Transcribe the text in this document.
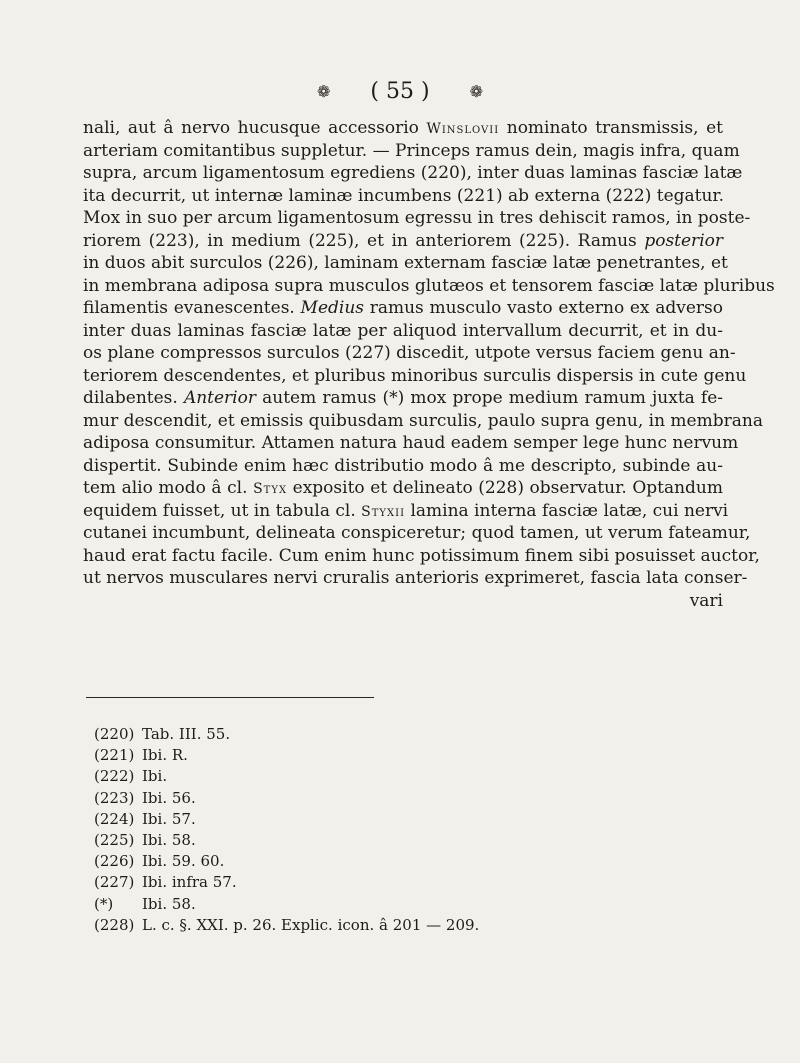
❁ ( 55 )	❁
nali, aut â nervo hucusque accessorio Winslovii nominato transmissis, et
arteriam comitantibus suppletur. — Princeps ramus dein, magis infra, quam
supra, arcum ligamentosum egrediens (220), inter duas laminas fasciæ latæ
ita decurrit, ut internæ laminæ incumbens (221) ab externa (222) tegatur.
Mox in suo per arcum ligamentosum egressu in tres dehiscit ramos, in poste-
riorem (223), in medium (225), et in anteriorem (225). Ramus posterior
in duos abit surculos (226), laminam externam fasciæ latæ penetrantes, et
in membrana adiposa supra musculos glutæos et tensorem fasciæ latæ pluribus
filamentis evanescentes. Medius ramus musculo vasto externo ex adverso
inter duas laminas fasciæ latæ per aliquod intervallum decurrit, et in du-
os plane compressos surculos (227) discedit, utpote versus faciem genu an-
teriorem descendentes, et pluribus minoribus surculis dispersis in cute genu
dilabentes. Anterior autem ramus (*) mox prope medium ramum juxta fe-
mur descendit, et emissis quibusdam surculis, paulo supra genu, in membrana
adiposa consumitur. Attamen natura haud eadem semper lege hunc nervum
dispertit. Subinde enim hæc distributio modo â me descripto, subinde au-
tem alio modo â cl. Styx exposito et delineato (228) observatur. Optandum
equidem fuisset, ut in tabula cl. Styxii lamina interna fasciæ latæ, cui nervi
cutanei incumbunt, delineata conspiceretur; quod tamen, ut verum fateamur,
haud erat factu facile. Cum enim hunc potissimum finem sibi posuisset auctor,
ut nervos musculares nervi cruralis anterioris exprimeret, fascia lata conser-
vari
(220) Tab. III. 55.
(221) Ibi. R.
(222) Ibi.
(223) Ibi. 56.
(224) Ibi. 57.
(225) Ibi. 58.
(226) Ibi. 59. 60.
(227) Ibi. infra 57.
(*)	Ibi. 58.
(228) L. c. §. XXI. p. 26. Explic. icon. â 201 — 209.
